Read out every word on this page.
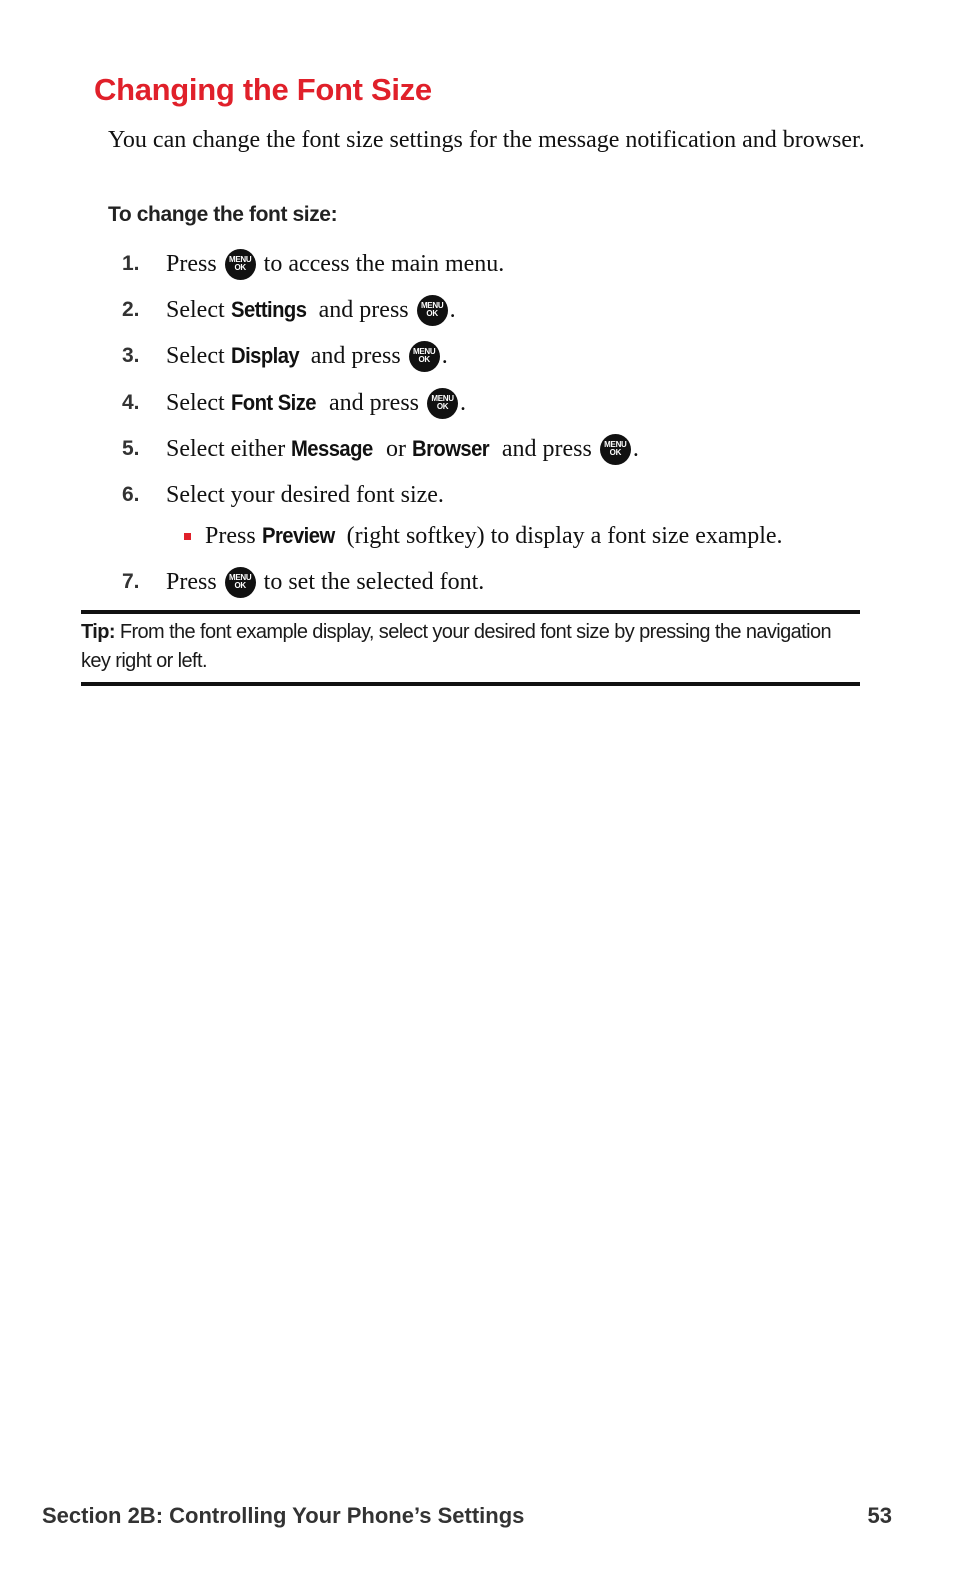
Changing the Font Size

You can change the font size settings for the message notification and browser.

To change the font size:
1.	Press
MENU
OK
to access the main menu.
2.	Select
Settings
and press
MENU
OK .
3.	Select
Display
and press
MENU
OK .
4.	Select
Font Size
and press
MENU
OK .
5.	Select either
Message
or
Browser
and press
MENU
OK .
6.	Select your desired font size.
Press
Preview
(right softkey) to display a font size example.
7.	Press
MENU
OK
to set the selected font.

Tip: From the font example display, select your desired font size by pressing the navigation key right or left.

Section 2B: Controlling Your Phone’s Settings	53
